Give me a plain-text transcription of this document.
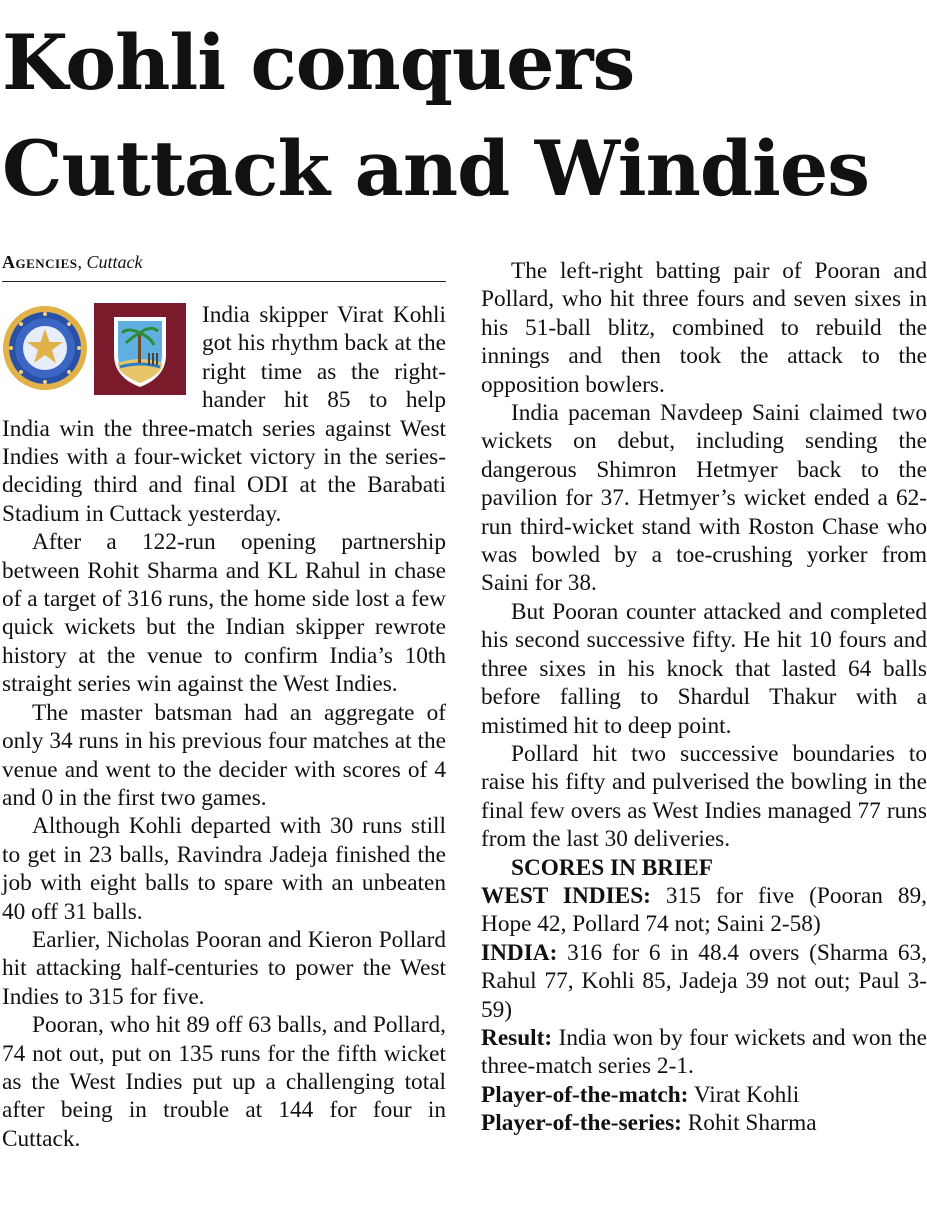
Kohli conquers
Cuttack and Windies
Agencies, Cuttack

India skipper Virat Kohli got his rhythm back at the right time as the right-hander hit 85 to help India win the three-match series against West Indies with a four-wicket victory in the series-deciding third and final ODI at the Barabati Stadium in Cuttack yesterday.

After a 122-run opening partnership between Rohit Sharma and KL Rahul in chase of a target of 316 runs, the home side lost a few quick wickets but the Indian skipper rewrote history at the venue to confirm India’s 10th straight series win against the West Indies.

The master batsman had an aggregate of only 34 runs in his previous four matches at the venue and went to the decider with scores of 4 and 0 in the first two games.

Although Kohli departed with 30 runs still to get in 23 balls, Ravindra Jadeja finished the job with eight balls to spare with an unbeaten 40 off 31 balls.

Earlier, Nicholas Pooran and Kieron Pollard hit attacking half-centuries to power the West Indies to 315 for five.

Pooran, who hit 89 off 63 balls, and Pollard, 74 not out, put on 135 runs for the fifth wicket as the West Indies put up a challenging total after being in trouble at 144 for four in Cuttack.

The left-right batting pair of Pooran and Pollard, who hit three fours and seven sixes in his 51-ball blitz, combined to rebuild the innings and then took the attack to the opposition bowlers.

India paceman Navdeep Saini claimed two wickets on debut, including sending the dangerous Shimron Hetmyer back to the pavilion for 37. Hetmyer’s wicket ended a 62-run third-wicket stand with Roston Chase who was bowled by a toe-crushing yorker from Saini for 38.

But Pooran counter attacked and completed his second successive fifty. He hit 10 fours and three sixes in his knock that lasted 64 balls before falling to Shardul Thakur with a mistimed hit to deep point.

Pollard hit two successive boundaries to raise his fifty and pulverised the bowling in the final few overs as West Indies managed 77 runs from the last 30 deliveries.

SCORES IN BRIEF

WEST INDIES: 315 for five (Pooran 89, Hope 42, Pollard 74 not; Saini 2-58)

INDIA: 316 for 6 in 48.4 overs (Sharma 63, Rahul 77, Kohli 85, Jadeja 39 not out; Paul 3-59)

Result: India won by four wickets and won the three-match series 2-1.

Player-of-the-match: Virat Kohli

Player-of-the-series: Rohit Sharma
